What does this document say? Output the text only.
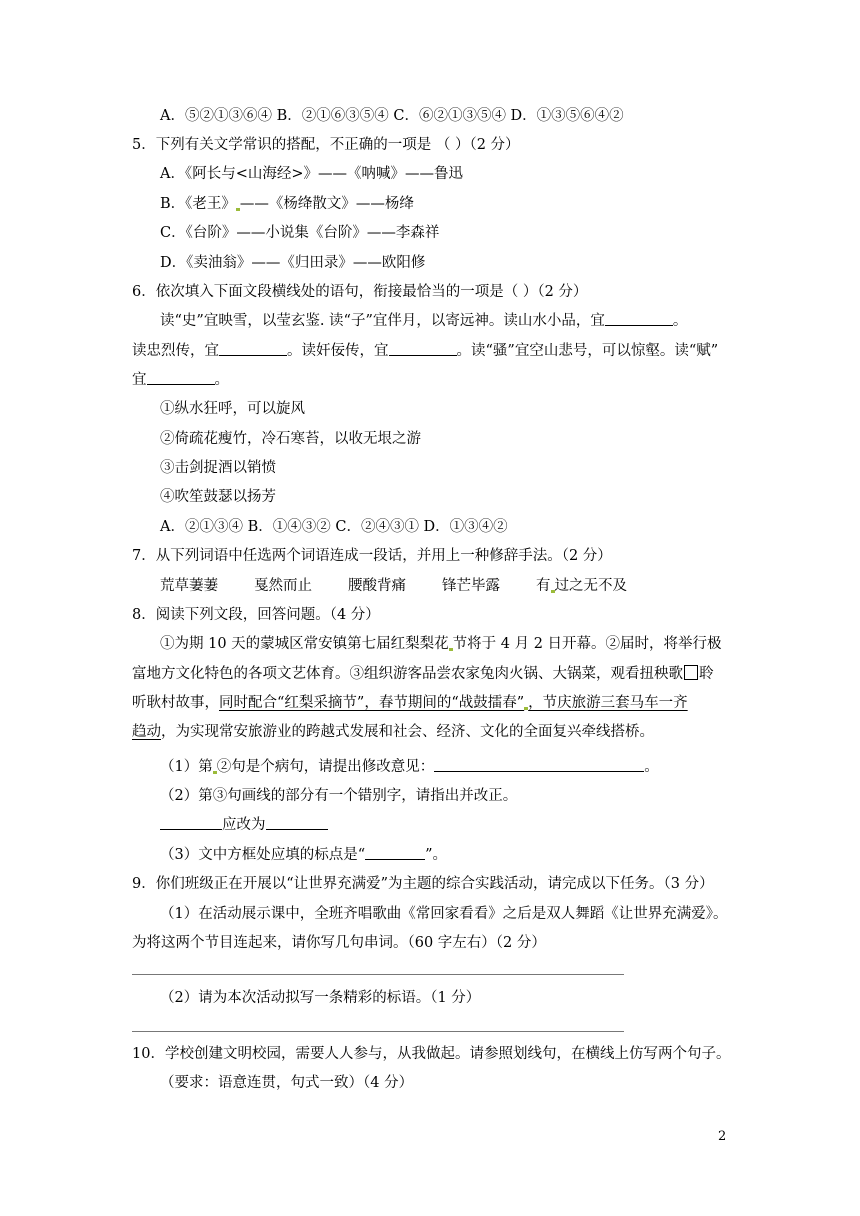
A．⑤②①③⑥④ B．②①⑥③⑤④ C．⑥②①③⑤④ D．①③⑤⑥④②
5．下列有关文学常识的搭配，不正确的一项是 （ ）（2 分）
A．《阿长与<山海经>》——《呐喊》——鲁迅
B．《老王》 ——《杨绛散文》——杨绛
C．《台阶》——小说集《台阶》——李森祥
D．《卖油翁》——《归田录》——欧阳修
6．依次填入下面文段横线处的语句，衔接最恰当的一项是（ ）（2 分）
读“史”宜映雪，以莹玄鉴. 读“子”宜伴月，以寄远神。读山水小品，宜	。
读忠烈传，宜	。读奸佞传，宜	。读“骚”宜空山悲号，可以惊壑。读“赋”
宜	。
①纵水狂呼，可以旋风
②倚疏花瘦竹，冷石寒苔，以收无垠之游
③击剑捉酒以销愤
④吹笙鼓瑟以扬芳
A．②①③④ B．①④③② C．②④③① D．①③④②
7．从下列词语中任选两个词语连成一段话，并用上一种修辞手法。（2 分）
荒草萋萋 戛然而止 腰酸背痛 锋芒毕露 有 过之无不及
8．阅读下列文段，回答问题。（4 分）
①为期 10 天的蒙城区常安镇第七届红梨梨花 节将于 4 月 2 日开幕。②届时，将举行极
富地方文化特色的各项文艺体育。③组织游客品尝农家兔肉火锅、大锅菜，观看扭秧歌 聆
听耿村故事，同时配合“红梨采摘节”，春节期间的“战鼓擂春” ，节庆旅游三套马车一齐
趋动，为实现常安旅游业的跨越式发展和社会、经济、文化的全面复兴牵线搭桥。
（1）第 ②句是个病句，请提出修改意见：	。
（2）第③句画线的部分有一个错别字，请指出并改正。
应改为
（3）文中方框处应填的标点是“	”。
9．你们班级正在开展以“让世界充满爱”为主题的综合实践活动，请完成以下任务。（3 分）
（1）在活动展示课中，全班齐唱歌曲《常回家看看》之后是双人舞蹈《让世界充满爱》。
为将这两个节目连起来，请你写几句串词。（60 字左右）（2 分）
（2）请为本次活动拟写一条精彩的标语。（1 分）
10．学校创建文明校园，需要人人参与，从我做起。请参照划线句，在横线上仿写两个句子。
（要求：语意连贯，句式一致）（4 分）
2
